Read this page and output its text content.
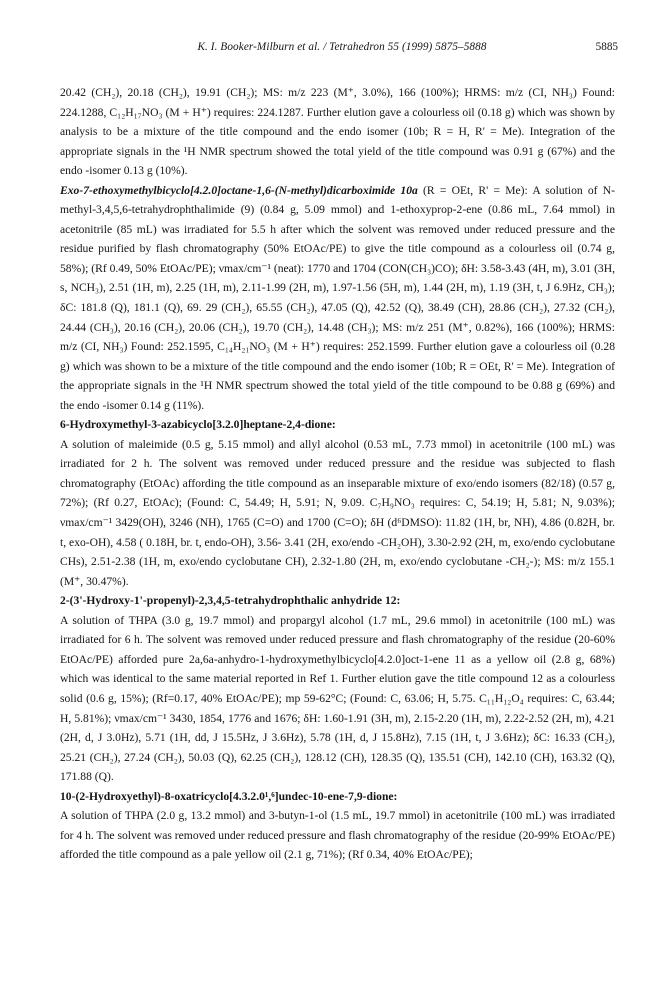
K. I. Booker-Milburn et al. / Tetrahedron 55 (1999) 5875–5888	5885

20.42 (CH₂), 20.18 (CH₂), 19.91 (CH₂); MS: m/z 223 (M⁺, 3.0%), 166 (100%); HRMS: m/z (CI, NH₃) Found: 224.1288, C₁₂H₁₇NO₃ (M + H⁺) requires: 224.1287. Further elution gave a colourless oil (0.18 g) which was shown by analysis to be a mixture of the title compound and the endo isomer (10b; R = H, R' = Me). Integration of the appropriate signals in the ¹H NMR spectrum showed the total yield of the title compound was 0.91 g (67%) and the endo -isomer 0.13 g (10%).

Exo-7-ethoxymethylbicyclo[4.2.0]octane-1,6-(N-methyl)dicarboximide 10a (R = OEt, R' = Me): A solution of N-methyl-3,4,5,6-tetrahydrophthalimide (9) (0.84 g, 5.09 mmol) and 1-ethoxyprop-2-ene (0.86 mL, 7.64 mmol) in acetonitrile (85 mL) was irradiated for 5.5 h after which the solvent was removed under reduced pressure and the residue purified by flash chromatography (50% EtOAc/PE) to give the title compound as a colourless oil (0.74 g, 58%); (Rf 0.49, 50% EtOAc/PE); νmax/cm⁻¹ (neat): 1770 and 1704 (CON(CH₃)CO); δH: 3.58-3.43 (4H, m), 3.01 (3H, s, NCH₃), 2.51 (1H, m), 2.25 (1H, m), 2.11-1.99 (2H, m), 1.97-1.56 (5H, m), 1.44 (2H, m), 1.19 (3H, t, J 6.9Hz, CH₃); δC: 181.8 (Q), 181.1 (Q), 69. 29 (CH₂), 65.55 (CH₂), 47.05 (Q), 42.52 (Q), 38.49 (CH), 28.86 (CH₂), 27.32 (CH₂), 24.44 (CH₃), 20.16 (CH₂), 20.06 (CH₂), 19.70 (CH₂), 14.48 (CH₃); MS: m/z 251 (M⁺, 0.82%), 166 (100%); HRMS: m/z (CI, NH₃) Found: 252.1595, C₁₄H₂₁NO₃ (M + H⁺) requires: 252.1599. Further elution gave a colourless oil (0.28 g) which was shown to be a mixture of the title compound and the endo isomer (10b; R = OEt, R' = Me). Integration of the appropriate signals in the ¹H NMR spectrum showed the total yield of the title compound to be 0.88 g (69%) and the endo -isomer 0.14 g (11%).

6-Hydroxymethyl-3-azabicyclo[3.2.0]heptane-2,4-dione:

A solution of maleimide (0.5 g, 5.15 mmol) and allyl alcohol (0.53 mL, 7.73 mmol) in acetonitrile (100 mL) was irradiated for 2 h. The solvent was removed under reduced pressure and the residue was subjected to flash chromatography (EtOAc) affording the title compound as an inseparable mixture of exo/endo isomers (82/18) (0.57 g, 72%); (Rf 0.27, EtOAc); (Found: C, 54.49; H, 5.91; N, 9.09. C₇H₉NO₃ requires: C, 54.19; H, 5.81; N, 9.03%); νmax/cm⁻¹ 3429(OH), 3246 (NH), 1765 (C=O) and 1700 (C=O); δH (d⁶DMSO): 11.82 (1H, br, NH), 4.86 (0.82H, br. t, exo-OH), 4.58 ( 0.18H, br. t, endo-OH), 3.56- 3.41 (2H, exo/endo -CH₂OH), 3.30-2.92 (2H, m, exo/endo cyclobutane CHs), 2.51-2.38 (1H, m, exo/endo cyclobutane CH), 2.32-1.80 (2H, m, exo/endo cyclobutane -CH₂-); MS: m/z 155.1 (M⁺, 30.47%).

2-(3'-Hydroxy-1'-propenyl)-2,3,4,5-tetrahydrophthalic anhydride 12:

A solution of THPA (3.0 g, 19.7 mmol) and propargyl alcohol (1.7 mL, 29.6 mmol) in acetonitrile (100 mL) was irradiated for 6 h. The solvent was removed under reduced pressure and flash chromatography of the residue (20-60% EtOAc/PE) afforded pure 2a,6a-anhydro-1-hydroxymethylbicyclo[4.2.0]oct-1-ene 11 as a yellow oil (2.8 g, 68%) which was identical to the same material reported in Ref 1. Further elution gave the title compound 12 as a colourless solid (0.6 g, 15%); (Rf=0.17, 40% EtOAc/PE); mp 59-62°C; (Found: C, 63.06; H, 5.75. C₁₁H₁₂O₄ requires: C, 63.44; H, 5.81%); νmax/cm⁻¹ 3430, 1854, 1776 and 1676; δH: 1.60-1.91 (3H, m), 2.15-2.20 (1H, m), 2.22-2.52 (2H, m), 4.21 (2H, d, J 3.0Hz), 5.71 (1H, dd, J 15.5Hz, J 3.6Hz), 5.78 (1H, d, J 15.8Hz), 7.15 (1H, t, J 3.6Hz); δC: 16.33 (CH₂), 25.21 (CH₂), 27.24 (CH₂), 50.03 (Q), 62.25 (CH₂), 128.12 (CH), 128.35 (Q), 135.51 (CH), 142.10 (CH), 163.32 (Q), 171.88 (Q).

10-(2-Hydroxyethyl)-8-oxatricyclo[4.3.2.0¹,⁶]undec-10-ene-7,9-dione:

A solution of THPA (2.0 g, 13.2 mmol) and 3-butyn-1-ol (1.5 mL, 19.7 mmol) in acetonitrile (100 mL) was irradiated for 4 h. The solvent was removed under reduced pressure and flash chromatography of the residue (20-99% EtOAc/PE) afforded the title compound as a pale yellow oil (2.1 g, 71%); (Rf 0.34, 40% EtOAc/PE);
